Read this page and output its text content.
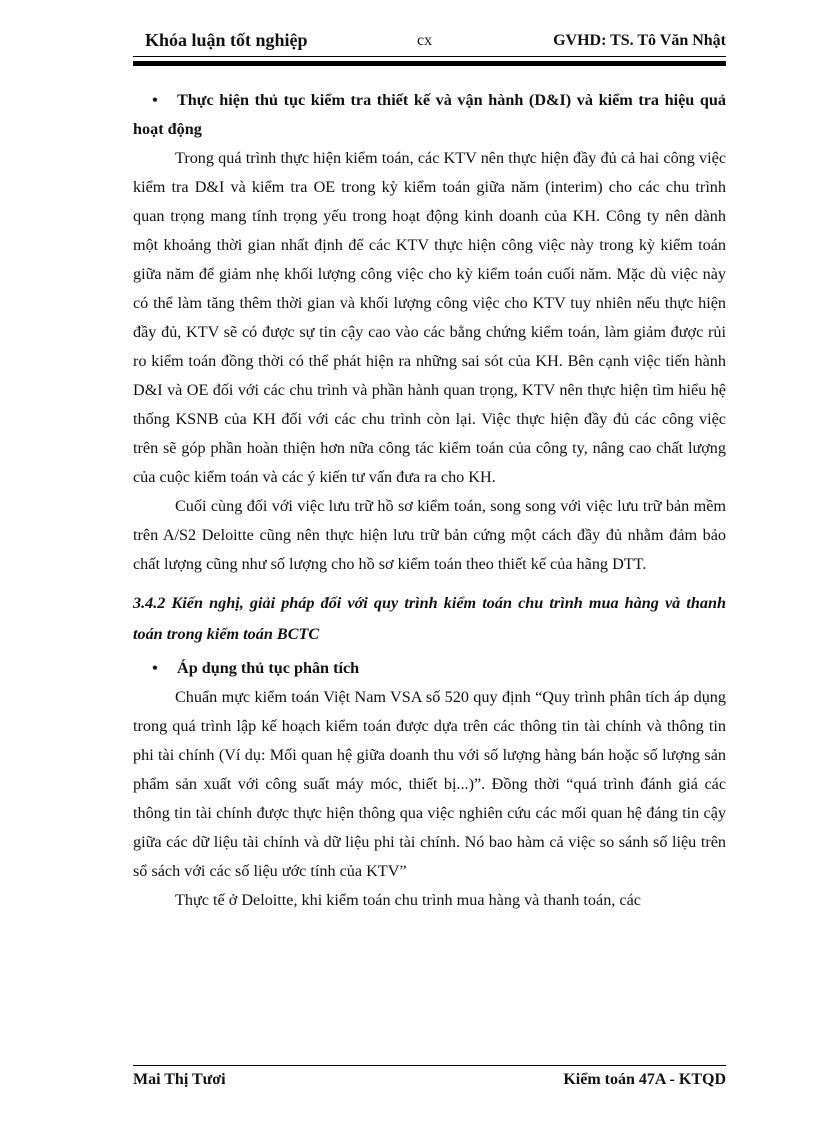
Khóa luận tốt nghiệp	cx	GVHD: TS. Tô Văn Nhật

• Thực hiện thủ tục kiểm tra thiết kế và vận hành (D&I) và kiểm tra hiệu quả hoạt động

Trong quá trình thực hiện kiểm toán, các KTV nên thực hiện đầy đủ cả hai công việc kiểm tra D&I và kiểm tra OE trong kỳ kiểm toán giữa năm (interim) cho các chu trình quan trọng mang tính trọng yếu trong hoạt động kinh doanh của KH. Công ty nên dành một khoảng thời gian nhất định để các KTV thực hiện công việc này trong kỳ kiểm toán giữa năm để giảm nhẹ khối lượng công việc cho kỳ kiểm toán cuối năm. Mặc dù việc này có thể làm tăng thêm thời gian và khối lượng công việc cho KTV tuy nhiên nếu thực hiện đầy đủ, KTV sẽ có được sự tin cậy cao vào các bằng chứng kiểm toán, làm giảm được rủi ro kiểm toán đồng thời có thể phát hiện ra những sai sót của KH. Bên cạnh việc tiến hành D&I và OE đối với các chu trình và phần hành quan trọng, KTV nên thực hiện tìm hiểu hệ thống KSNB của KH đối với các chu trình còn lại. Việc thực hiện đầy đủ các công việc trên sẽ góp phần hoàn thiện hơn nữa công tác kiểm toán của công ty, nâng cao chất lượng của cuộc kiểm toán và các ý kiến tư vấn đưa ra cho KH.

Cuối cùng đối với việc lưu trữ hồ sơ kiểm toán, song song với việc lưu trữ bản mềm trên A/S2 Deloitte cũng nên thực hiện lưu trữ bản cứng một cách đầy đủ nhằm đảm bảo chất lượng cũng như số lượng cho hồ sơ kiểm toán theo thiết kế của hãng DTT.

3.4.2 Kiến nghị, giải pháp đối với quy trình kiểm toán chu trình mua hàng và thanh toán trong kiểm toán BCTC

• Áp dụng thủ tục phân tích

Chuẩn mực kiểm toán Việt Nam VSA số 520 quy định “Quy trình phân tích áp dụng trong quá trình lập kế hoạch kiểm toán được dựa trên các thông tin tài chính và thông tin phi tài chính (Ví dụ: Mối quan hệ giữa doanh thu với số lượng hàng bán hoặc số lượng sản phẩm sản xuất với công suất máy móc, thiết bị...)”. Đồng thời “quá trình đánh giá các thông tin tài chính được thực hiện thông qua việc nghiên cứu các mối quan hệ đáng tin cậy giữa các dữ liệu tài chính và dữ liệu phi tài chính. Nó bao hàm cả việc so sánh số liệu trên sổ sách với các số liệu ước tính của KTV”

Thực tế ở Deloitte, khi kiểm toán chu trình mua hàng và thanh toán, các

Mai Thị Tươi	Kiểm toán 47A - KTQD
